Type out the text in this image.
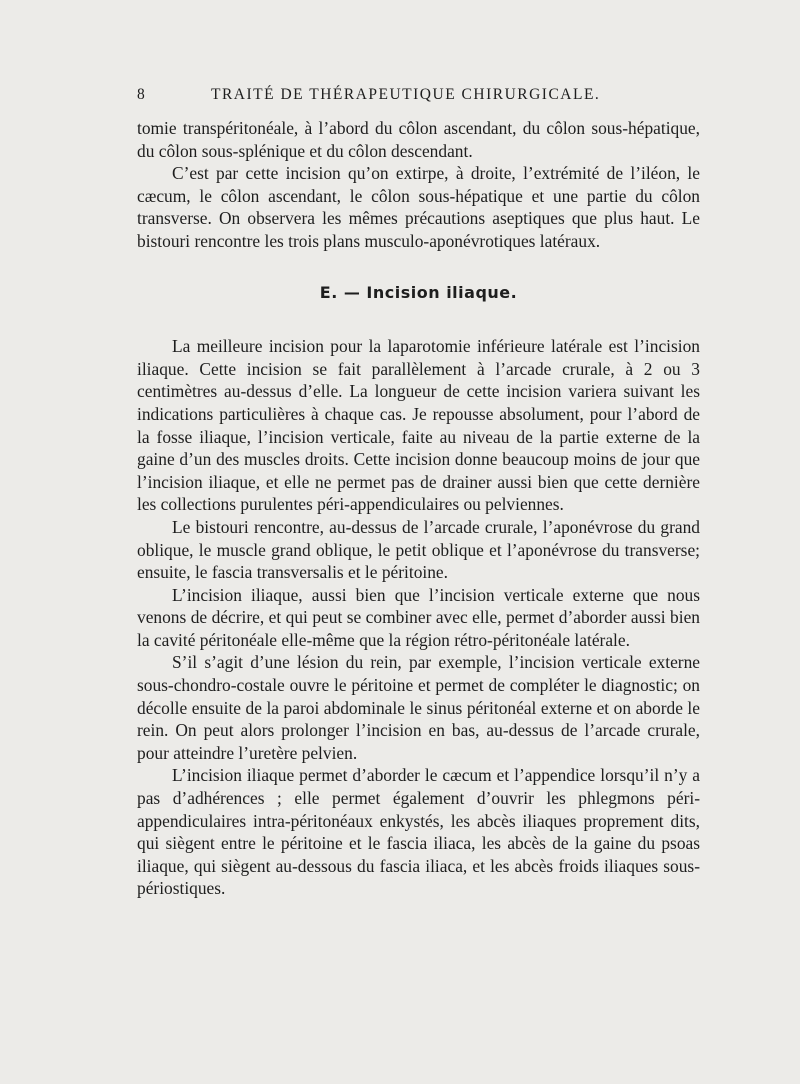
8	TRAITÉ DE THÉRAPEUTIQUE CHIRURGICALE.

tomie transpéritonéale, à l’abord du côlon ascendant, du côlon sous-hépatique, du côlon sous-splénique et du côlon descendant.

C’est par cette incision qu’on extirpe, à droite, l’extrémité de l’iléon, le cæcum, le côlon ascendant, le côlon sous-hépatique et une partie du côlon transverse. On observera les mêmes précautions aseptiques que plus haut. Le bistouri rencontre les trois plans musculo-aponévrotiques latéraux.

E. — Incision iliaque.

La meilleure incision pour la laparotomie inférieure latérale est l’incision iliaque. Cette incision se fait parallèlement à l’arcade crurale, à 2 ou 3 centimètres au-dessus d’elle. La longueur de cette incision variera suivant les indications particulières à chaque cas. Je repousse absolument, pour l’abord de la fosse iliaque, l’incision verticale, faite au niveau de la partie externe de la gaine d’un des muscles droits. Cette incision donne beaucoup moins de jour que l’incision iliaque, et elle ne permet pas de drainer aussi bien que cette dernière les collections purulentes péri-appendiculaires ou pelviennes.

Le bistouri rencontre, au-dessus de l’arcade crurale, l’aponévrose du grand oblique, le muscle grand oblique, le petit oblique et l’aponévrose du transverse; ensuite, le fascia transversalis et le péritoine.

L’incision iliaque, aussi bien que l’incision verticale externe que nous venons de décrire, et qui peut se combiner avec elle, permet d’aborder aussi bien la cavité péritonéale elle-même que la région rétro-péritonéale latérale.

S’il s’agit d’une lésion du rein, par exemple, l’incision verticale externe sous-chondro-costale ouvre le péritoine et permet de compléter le diagnostic; on décolle ensuite de la paroi abdominale le sinus péritonéal externe et on aborde le rein. On peut alors prolonger l’incision en bas, au-dessus de l’arcade crurale, pour atteindre l’uretère pelvien.

L’incision iliaque permet d’aborder le cæcum et l’appendice lorsqu’il n’y a pas d’adhérences ; elle permet également d’ouvrir les phlegmons péri-appendiculaires intra-péritonéaux enkystés, les abcès iliaques proprement dits, qui siègent entre le péritoine et le fascia iliaca, les abcès de la gaine du psoas iliaque, qui siègent au-dessous du fascia iliaca, et les abcès froids iliaques sous-périostiques.
